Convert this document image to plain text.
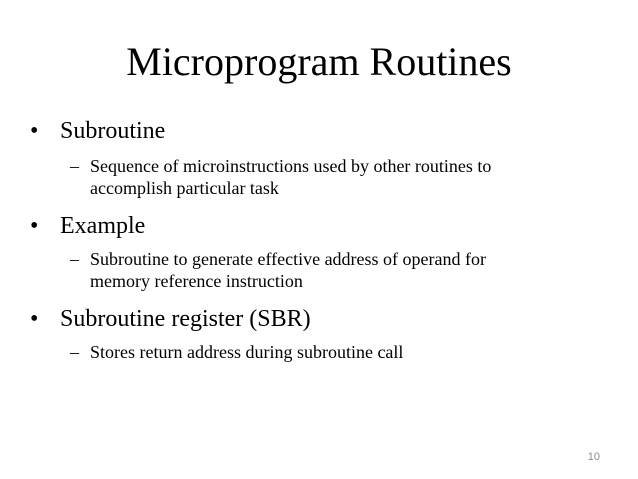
Microprogram Routines
• Subroutine
– Sequence of microinstructions used by other routines to
accomplish particular task
• Example
– Subroutine to generate effective address of operand for
memory reference instruction
• Subroutine register (SBR)
– Stores return address during subroutine call
10
